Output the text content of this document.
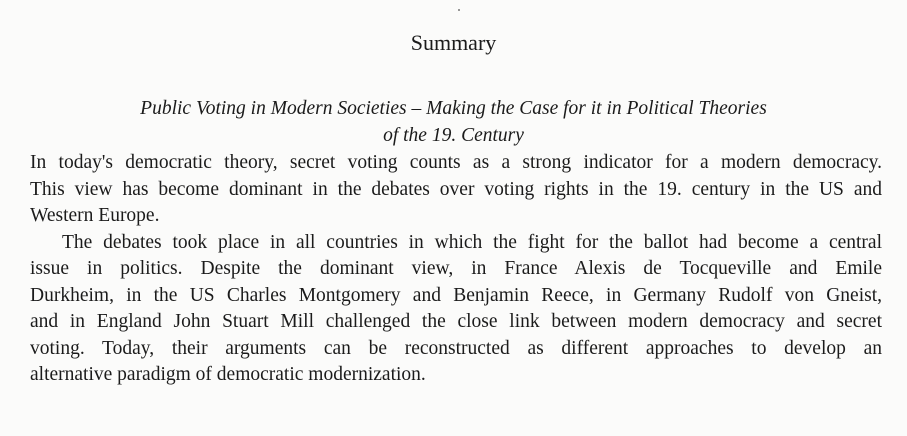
Summary
Public Voting in Modern Societies – Making the Case for it in Political Theories
of the 19. Century
In today's democratic theory, secret voting counts as a strong indicator for a modern democracy.
This view has become dominant in the debates over voting rights in the 19. century in the US and
Western Europe.
The debates took place in all countries in which the fight for the ballot had become a central
issue in politics. Despite the dominant view, in France Alexis de Tocqueville and Emile
Durkheim, in the US Charles Montgomery and Benjamin Reece, in Germany Rudolf von Gneist,
and in England John Stuart Mill challenged the close link between modern democracy and secret
voting. Today, their arguments can be reconstructed as different approaches to develop an
alternative paradigm of democratic modernization.
